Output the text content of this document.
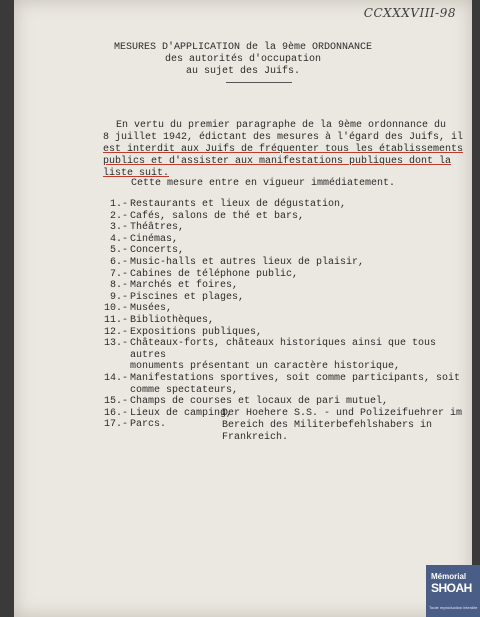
CCXXXVIII-98
MESURES D'APPLICATION de la 9ème ORDONNANCE
des autorités d'occupation
au sujet des Juifs.
En vertu du premier paragraphe de la 9ème ordonnance du
8 juillet 1942, édictant des mesures à l'égard des Juifs, il
est interdit aux Juifs de fréquenter tous les établissements
publics et d'assister aux manifestations publiques dont la
liste suit.
Cette mesure entre en vigueur immédiatement.
1.- Restaurants et lieux de dégustation,
2.- Cafés, salons de thé et bars,
3.- Théâtres,
4.- Cinémas,
5.- Concerts,
6.- Music-halls et autres lieux de plaisir,
7.- Cabines de téléphone public,
8.- Marchés et foires,
9.- Piscines et plages,
10.- Musées,
11.- Bibliothèques,
12.- Expositions publiques,
13.- Châteaux-forts, châteaux historiques ainsi que tous autres
monuments présentant un caractère historique,
14.- Manifestations sportives, soit comme participants, soit
comme spectateurs,
15.- Champs de courses et locaux de pari mutuel,
16.- Lieux de camping,
17.- Parcs.
Der Hoehere S.S. - und Polizeifuehrer im
Bereich des Militerbefehlshabers in Frankreich.
Mémorial
SHOAH
Toute reproduction interdite
